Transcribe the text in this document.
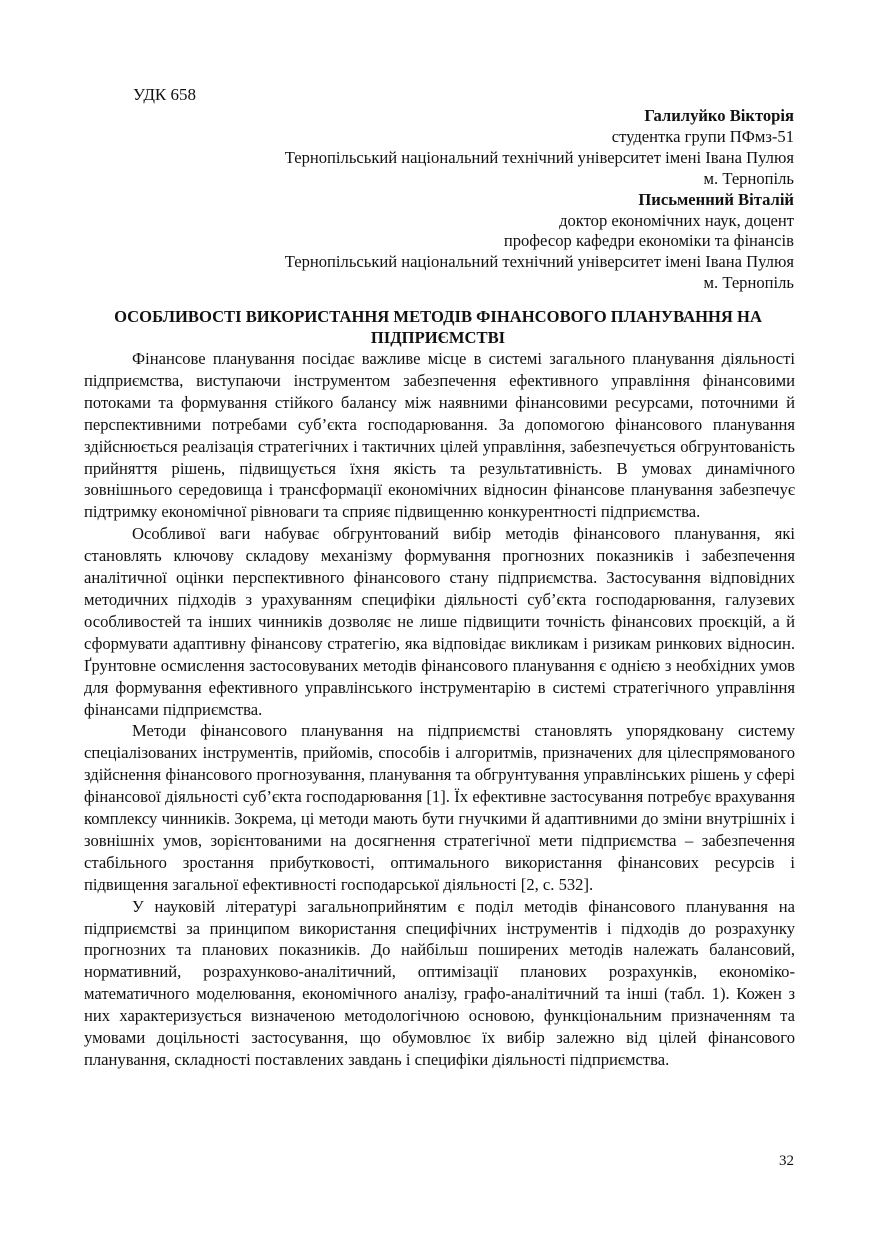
УДК 658
Галилуйко Вікторія
студентка групи ПФмз-51
Тернопільський національний технічний університет імені Івана Пулюя
м. Тернопіль
Письменний Віталій
доктор економічних наук, доцент
професор кафедри економіки та фінансів
Тернопільський національний технічний університет імені Івана Пулюя
м. Тернопіль
ОСОБЛИВОСТІ ВИКОРИСТАННЯ МЕТОДІВ ФІНАНСОВОГО ПЛАНУВАННЯ НА
ПІДПРИЄМСТВІ

Фінансове планування посідає важливе місце в системі загального планування діяльності підприємства, виступаючи інструментом забезпечення ефективного управління фінансовими потоками та формування стійкого балансу між наявними фінансовими ресурсами, поточними й перспективними потребами суб’єкта господарювання. За допомогою фінансового планування здійснюється реалізація стратегічних і тактичних цілей управління, забезпечується обгрунтованість прийняття рішень, підвищується їхня якість та результативність. В умовах динамічного зовнішнього середовища і трансформації економічних відносин фінансове планування забезпечує підтримку економічної рівноваги та сприяє підвищенню конкурентності підприємства.

Особливої ваги набуває обгрунтований вибір методів фінансового планування, які становлять ключову складову механізму формування прогнозних показників і забезпечення аналітичної оцінки перспективного фінансового стану підприємства. Застосування відповідних методичних підходів з урахуванням специфіки діяльності суб’єкта господарювання, галузевих особливостей та інших чинників дозволяє не лише підвищити точність фінансових проєкцій, а й сформувати адаптивну фінансову стратегію, яка відповідає викликам і ризикам ринкових відносин. Ґрунтовне осмислення застосовуваних методів фінансового планування є однією з необхідних умов для формування ефективного управлінського інструментарію в системі стратегічного управління фінансами підприємства.

Методи фінансового планування на підприємстві становлять упорядковану систему спеціалізованих інструментів, прийомів, способів і алгоритмів, призначених для цілеспрямованого здійснення фінансового прогнозування, планування та обгрунтування управлінських рішень у сфері фінансової діяльності суб’єкта господарювання [1]. Їх ефективне застосування потребує врахування комплексу чинників. Зокрема, ці методи мають бути гнучкими й адаптивними до зміни внутрішніх і зовнішніх умов, зорієнтованими на досягнення стратегічної мети підприємства – забезпечення стабільного зростання прибутковості, оптимального використання фінансових ресурсів і підвищення загальної ефективності господарської діяльності [2, с. 532].

У науковій літературі загальноприйнятим є поділ методів фінансового планування на підприємстві за принципом використання специфічних інструментів і підходів до розрахунку прогнозних та планових показників. До найбільш поширених методів належать балансовий, нормативний, розрахунково-аналітичний, оптимізації планових розрахунків, економіко-математичного моделювання, економічного аналізу, графо-аналітичний та інші (табл. 1). Кожен з них характеризується визначеною методологічною основою, функціональним призначенням та умовами доцільності застосування, що обумовлює їх вибір залежно від цілей фінансового планування, складності поставлених завдань і специфіки діяльності підприємства.

32
